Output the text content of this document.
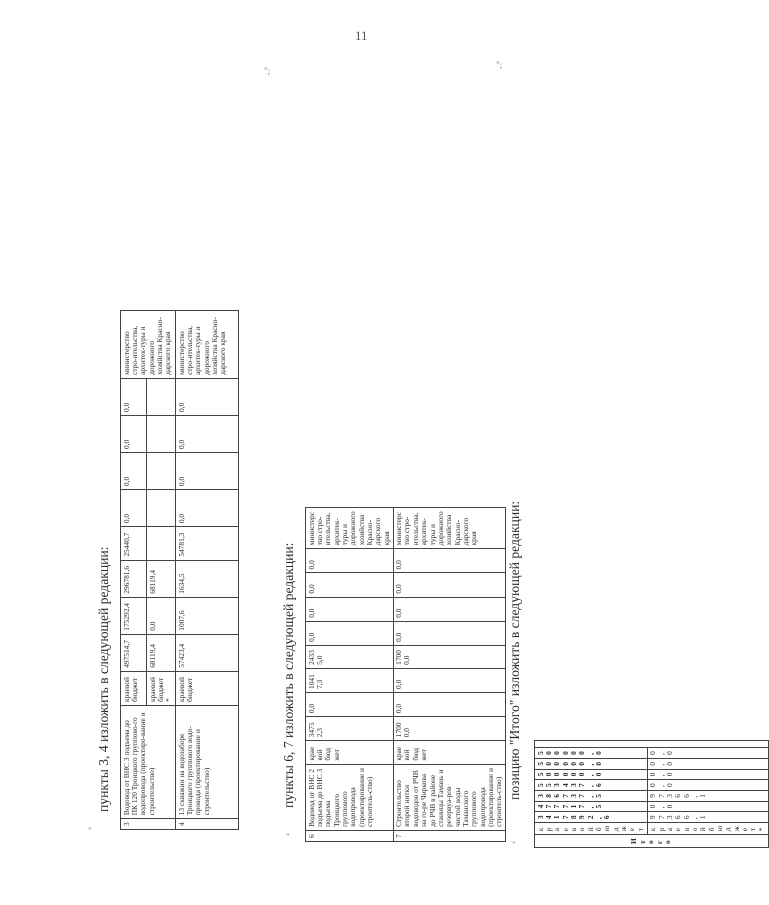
11
"
"
"
пункты 3, 4 изложить в следующей редакции:
3	Водовод от ВНС 3 подъема до ПК 120 Троицкого группово-го водопровода (проектиро-вание и строительство)	краевой бюджет	497514,7	175292,4	296781,6	25440,7	0,0	0,0	0,0	0,0	министерство стро-ительства, архитек-туры и дорожного хозяйства Красно-дарского края
		краевой бюджет*	68119,4	0,0	68119,4						
4	13 скважин на водозаборе Троицкого группового водо-провода (проектирование и строительство)	краевой бюджет	57423,4	1007,6	1634,5	54781,3	0,0	0,0	0,0	0,0	министерство стро-ительства, архитек-туры и дорожного хозяйства Красно-дарского края
";
пункты 6, 7 изложить в следующей редакции:
6	Водовод от ВНС 2 подъема до ВНС 3 подъема Троицкого группового водопровода (проектирование и строитель-ство)	краевой бюджет	34752,3	0,0	10417,3	24335,0	0,0	0,0	0,0	0,0	министерство стро-ительства, архитек-туры и дорожного хозяйства Красно-дарского края
7	Строительство второй нитки водоводов от РЧВ на го-ре Чиркова до РЧВ в районе станицы Тамань и резервуа-ров чистой воды Таманского группового водопровода (проектирование и строитель-ство)	краевой бюджет	17000,0	0,0	0,0	17000,0	0,0	0,0	0,0	0,0	министерство стро-ительства, архитек-туры и дорожного хозяйства Красно-дарского края
";
позицию "Итого" изложить в следующей редакции:
Итого	краевой бюджет	3417892,6	477717,5	386737,5	553437,6	500000,0	500000,0	500000,0	
	краевой бюджет*	97366,1	0,0	97366,1	0,0	0,0	0,0	0,0	
